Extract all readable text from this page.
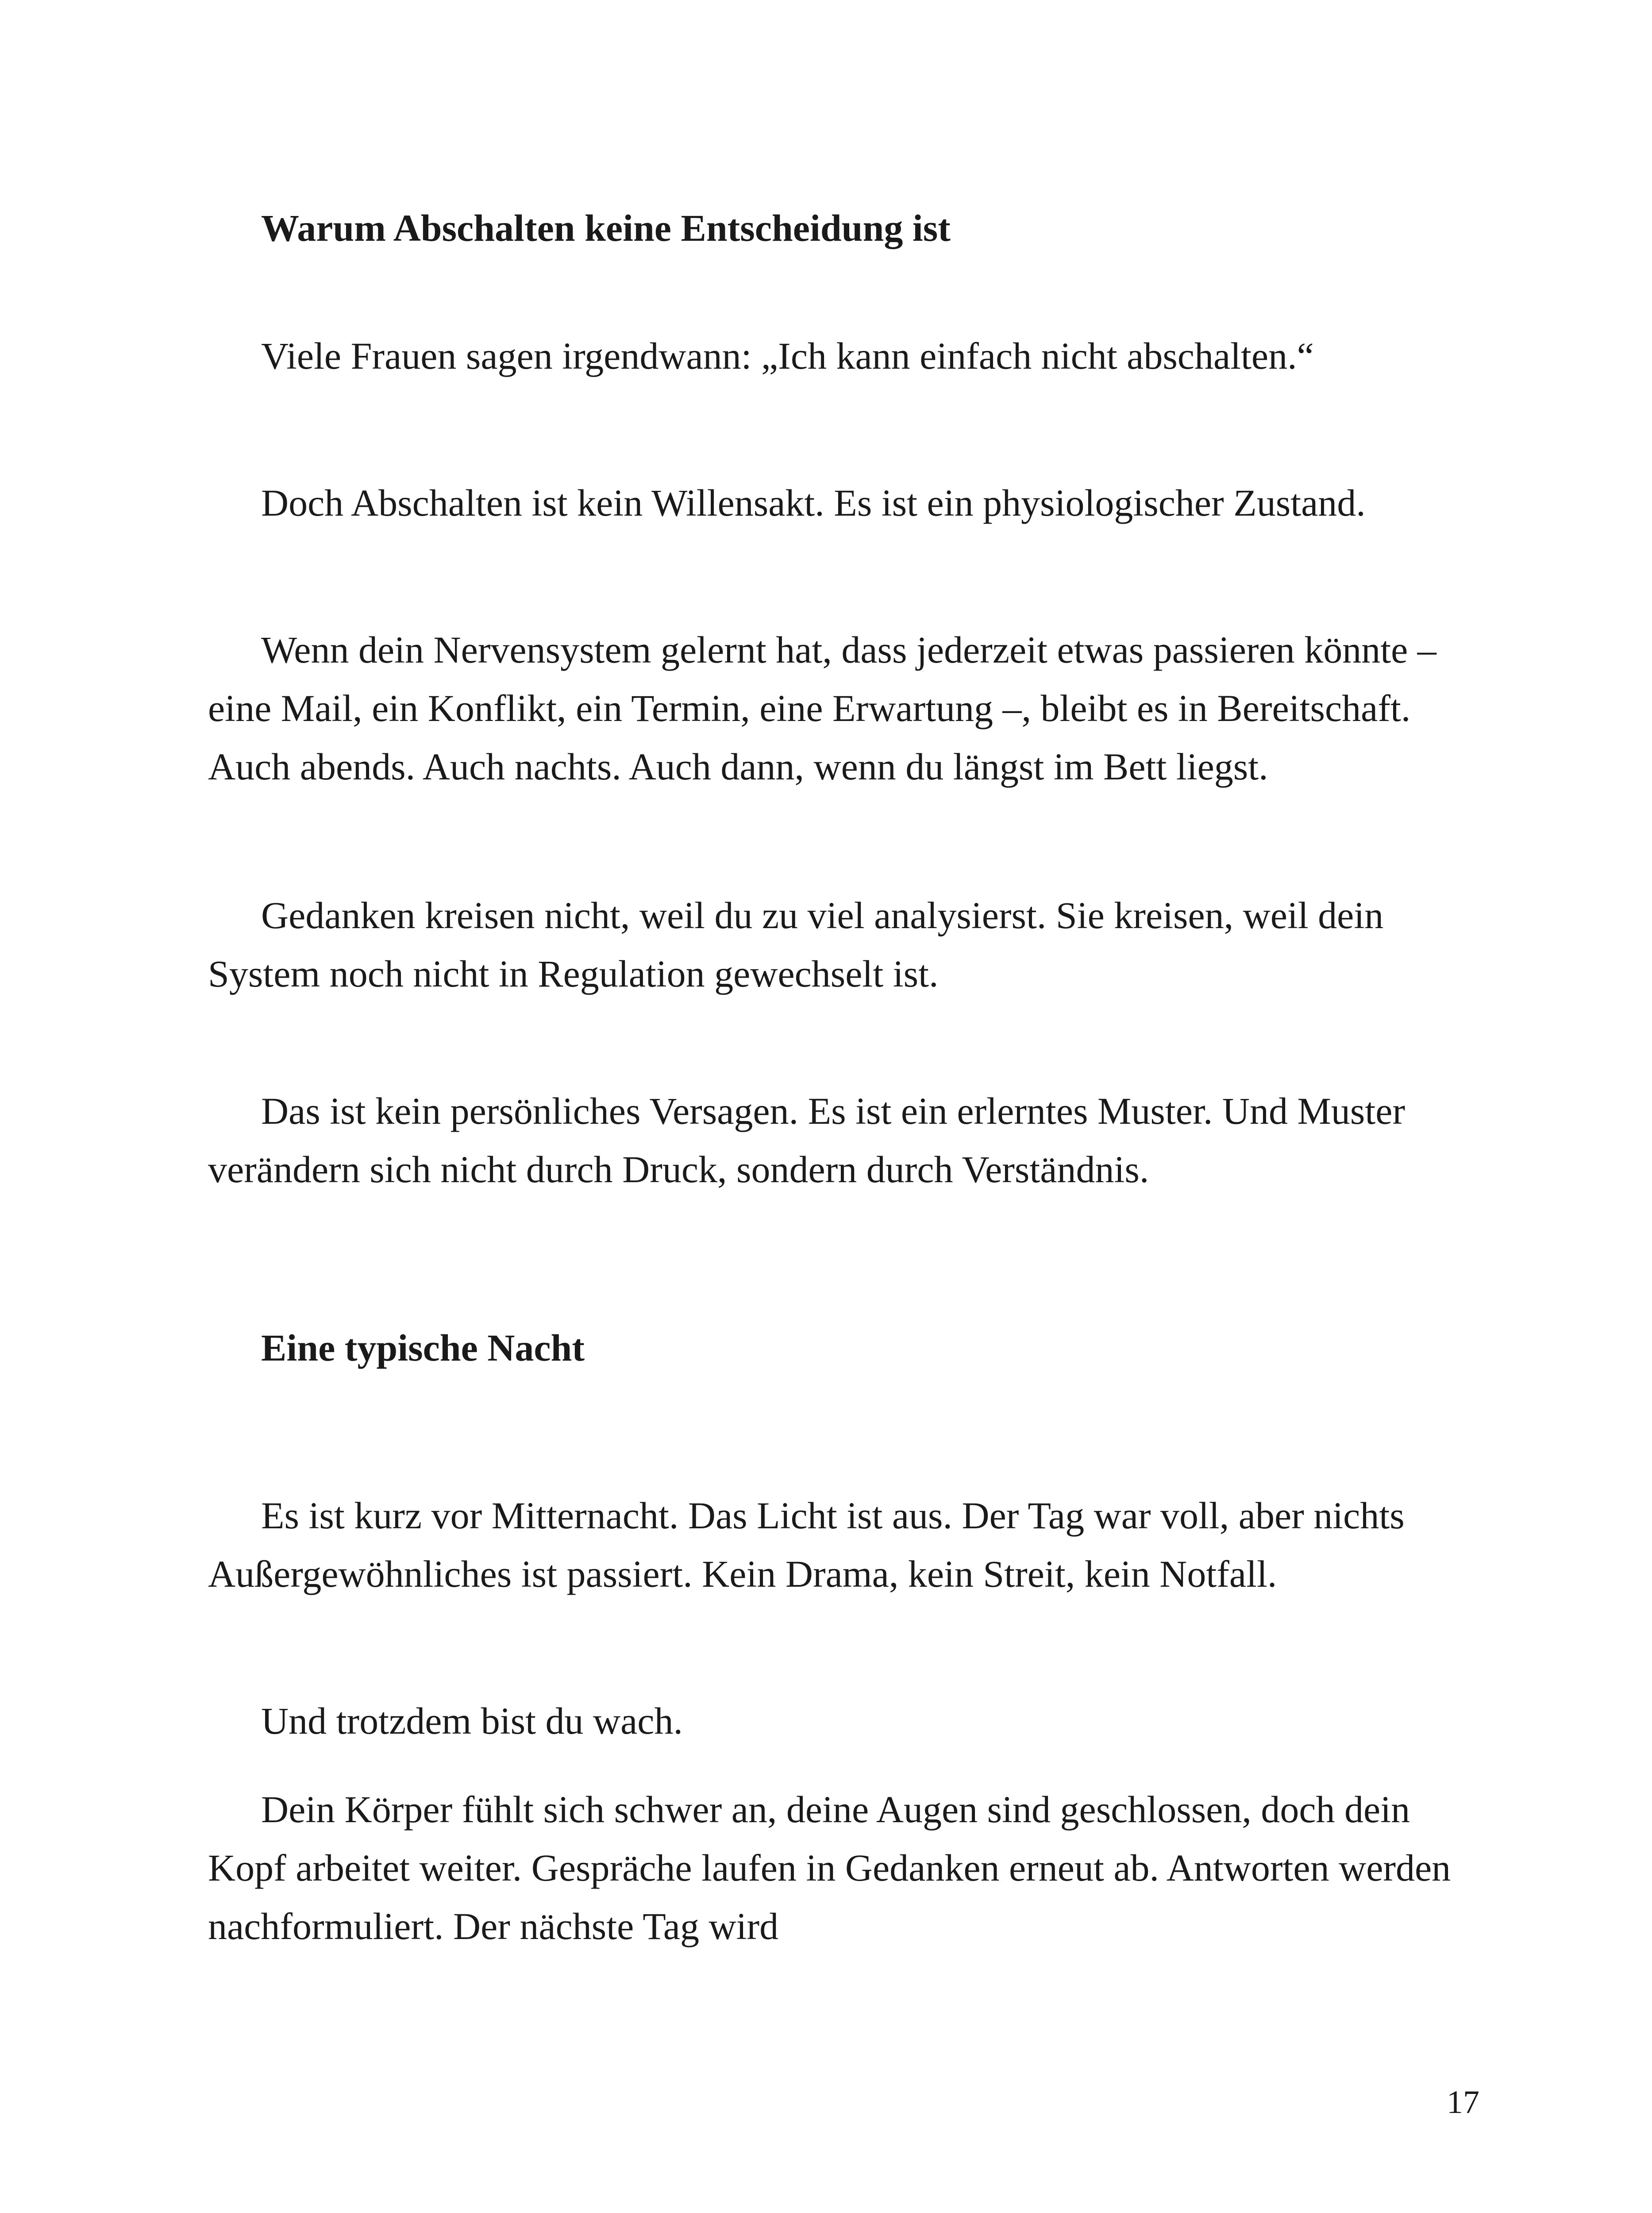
Warum Abschalten keine Entscheidung ist

Viele Frauen sagen irgendwann: „Ich kann einfach nicht abschalten.“

Doch Abschalten ist kein Willensakt. Es ist ein physiologischer Zustand.

Wenn dein Nervensystem gelernt hat, dass jederzeit etwas passieren könnte – eine Mail, ein Konflikt, ein Termin, eine Erwartung –, bleibt es in Bereitschaft. Auch abends. Auch nachts. Auch dann, wenn du längst im Bett liegst.

Gedanken kreisen nicht, weil du zu viel analysierst. Sie kreisen, weil dein System noch nicht in Regulation gewechselt ist.

Das ist kein persönliches Versagen. Es ist ein erlerntes Muster. Und Muster verändern sich nicht durch Druck, sondern durch Verständnis.

Eine typische Nacht

Es ist kurz vor Mitternacht. Das Licht ist aus. Der Tag war voll, aber nichts Außergewöhnliches ist passiert. Kein Drama, kein Streit, kein Notfall.

Und trotzdem bist du wach.

Dein Körper fühlt sich schwer an, deine Augen sind geschlossen, doch dein Kopf arbeitet weiter. Gespräche laufen in Gedanken erneut ab. Antworten werden nachformuliert. Der nächste Tag wird

17
